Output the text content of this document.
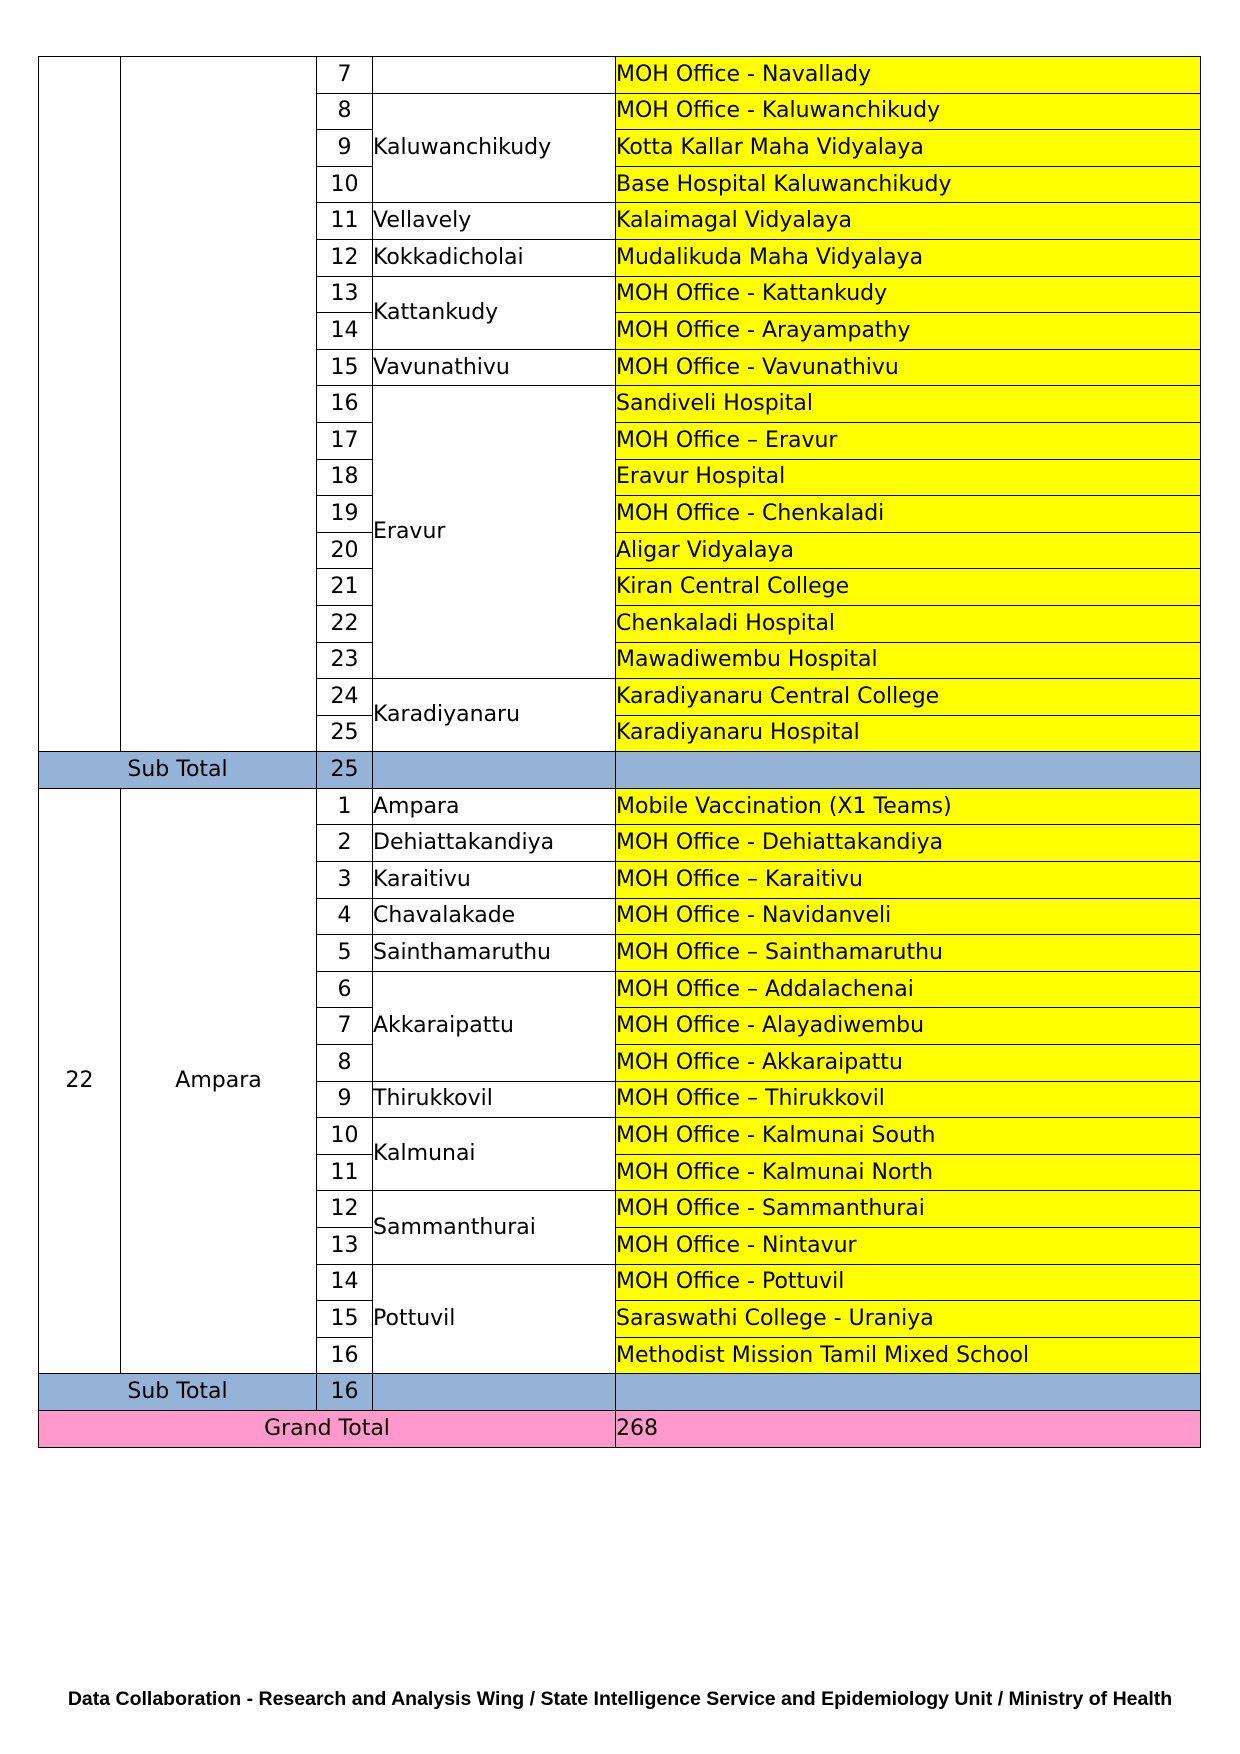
		7		MOH Office - Navallady
		8	Kaluwanchikudy	MOH Office - Kaluwanchikudy
		9		Kotta Kallar Maha Vidyalaya
		10		Base Hospital Kaluwanchikudy
		11	Vellavely	Kalaimagal Vidyalaya
		12	Kokkadicholai	Mudalikuda Maha Vidyalaya
		13	Kattankudy	MOH Office - Kattankudy
		14		MOH Office - Arayampathy
		15	Vavunathivu	MOH Office - Vavunathivu
		16	Eravur	Sandiveli Hospital
		17		MOH Office – Eravur
		18		Eravur Hospital
		19		MOH Office - Chenkaladi
		20		Aligar Vidyalaya
		21		Kiran Central College
		22		Chenkaladi Hospital
		23		Mawadiwembu Hospital
		24	Karadiyanaru	Karadiyanaru Central College
		25		Karadiyanaru Hospital
Sub Total		25		
22	Ampara	1	Ampara	Mobile Vaccination (X1 Teams)
		2	Dehiattakandiya	MOH Office - Dehiattakandiya
		3	Karaitivu	MOH Office – Karaitivu
		4	Chavalakade	MOH Office - Navidanveli
		5	Sainthamaruthu	MOH Office – Sainthamaruthu
		6	Akkaraipattu	MOH Office – Addalachenai
		7		MOH Office - Alayadiwembu
		8		MOH Office - Akkaraipattu
		9	Thirukkovil	MOH Office – Thirukkovil
		10	Kalmunai	MOH Office - Kalmunai South
		11		MOH Office - Kalmunai North
		12	Sammanthurai	MOH Office - Sammanthurai
		13		MOH Office - Nintavur
		14	Pottuvil	MOH Office - Pottuvil
		15		Saraswathi College - Uraniya
		16		Methodist Mission Tamil Mixed School
Sub Total		16		
Grand Total				268
Data Collaboration - Research and Analysis Wing / State Intelligence Service and Epidemiology Unit / Ministry of Health
